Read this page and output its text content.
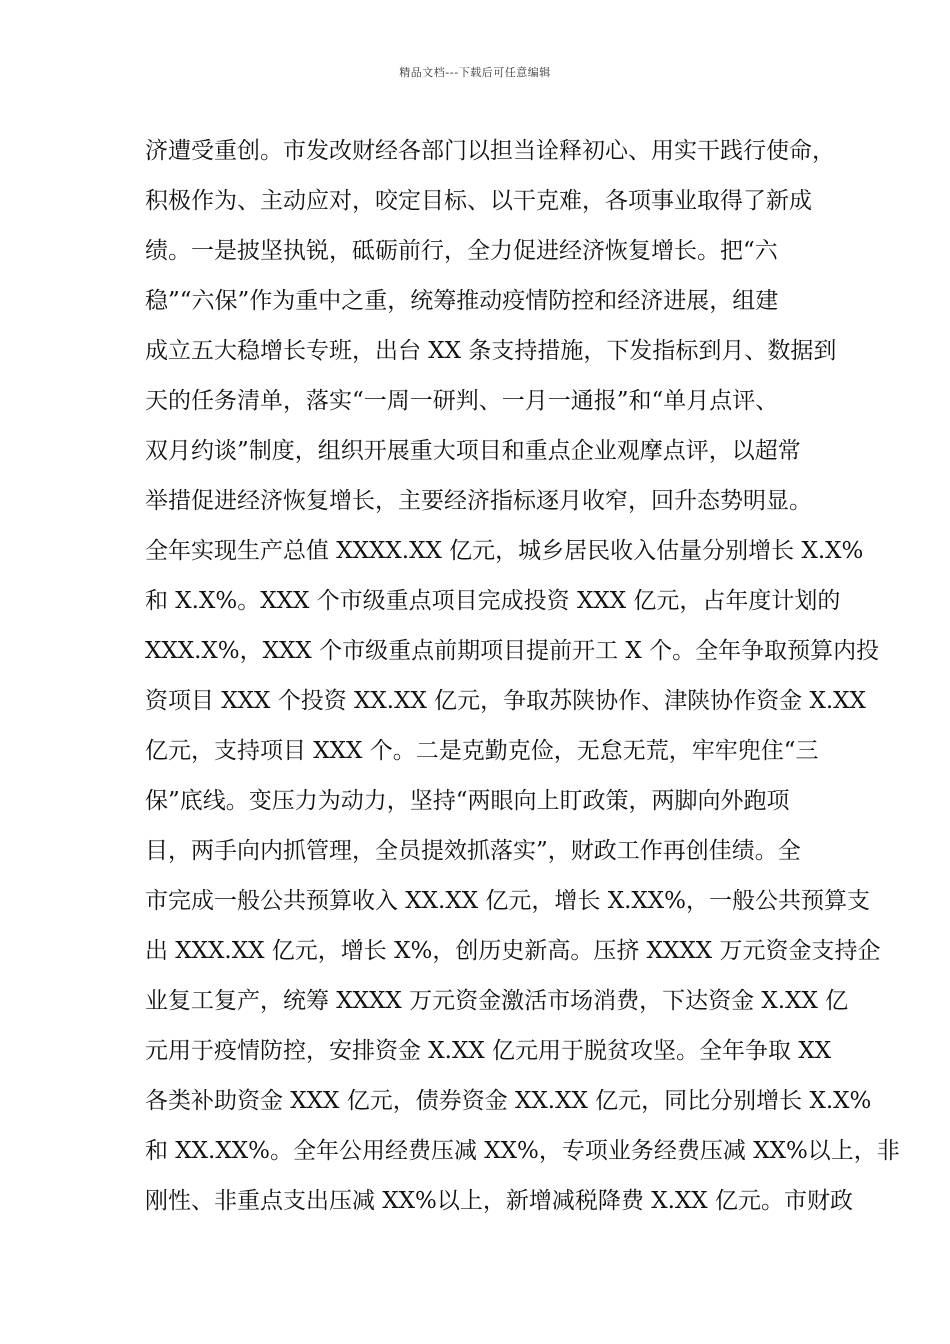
精品文档---下载后可任意编辑
济遭受重创。市发改财经各部门以担当诠释初心、用实干践行使命，
积极作为、主动应对，咬定目标、以干克难，各项事业取得了新成
绩。一是披坚执锐，砥砺前行，全力促进经济恢复增长。把“六
稳”“六保”作为重中之重，统筹推动疫情防控和经济进展，组建
成立五大稳增长专班，出台 XX 条支持措施，下发指标到月、数据到
天的任务清单，落实“一周一研判、一月一通报”和“单月点评、
双月约谈”制度，组织开展重大项目和重点企业观摩点评，以超常
举措促进经济恢复增长，主要经济指标逐月收窄，回升态势明显。
全年实现生产总值 XXXX.XX 亿元，城乡居民收入估量分别增长 X.X%
和 X.X%。XXX 个市级重点项目完成投资 XXX 亿元，占年度计划的
XXX.X%，XXX 个市级重点前期项目提前开工 X 个。全年争取预算内投
资项目 XXX 个投资 XX.XX 亿元，争取苏陕协作、津陕协作资金 X.XX
亿元，支持项目 XXX 个。二是克勤克俭，无怠无荒，牢牢兜住“三
保”底线。变压力为动力，坚持“两眼向上盯政策，两脚向外跑项
目，两手向内抓管理，全员提效抓落实”，财政工作再创佳绩。全
市完成一般公共预算收入 XX.XX 亿元，增长 X.XX%，一般公共预算支
出 XXX.XX 亿元，增长 X%，创历史新高。压挤 XXXX 万元资金支持企
业复工复产，统筹 XXXX 万元资金激活市场消费，下达资金 X.XX 亿
元用于疫情防控，安排资金 X.XX 亿元用于脱贫攻坚。全年争取 XX
各类补助资金 XXX 亿元，债券资金 XX.XX 亿元，同比分别增长 X.X%
和 XX.XX%。全年公用经费压减 XX%，专项业务经费压减 XX%以上，非
刚性、非重点支出压减 XX%以上，新增减税降费 X.XX 亿元。市财政
